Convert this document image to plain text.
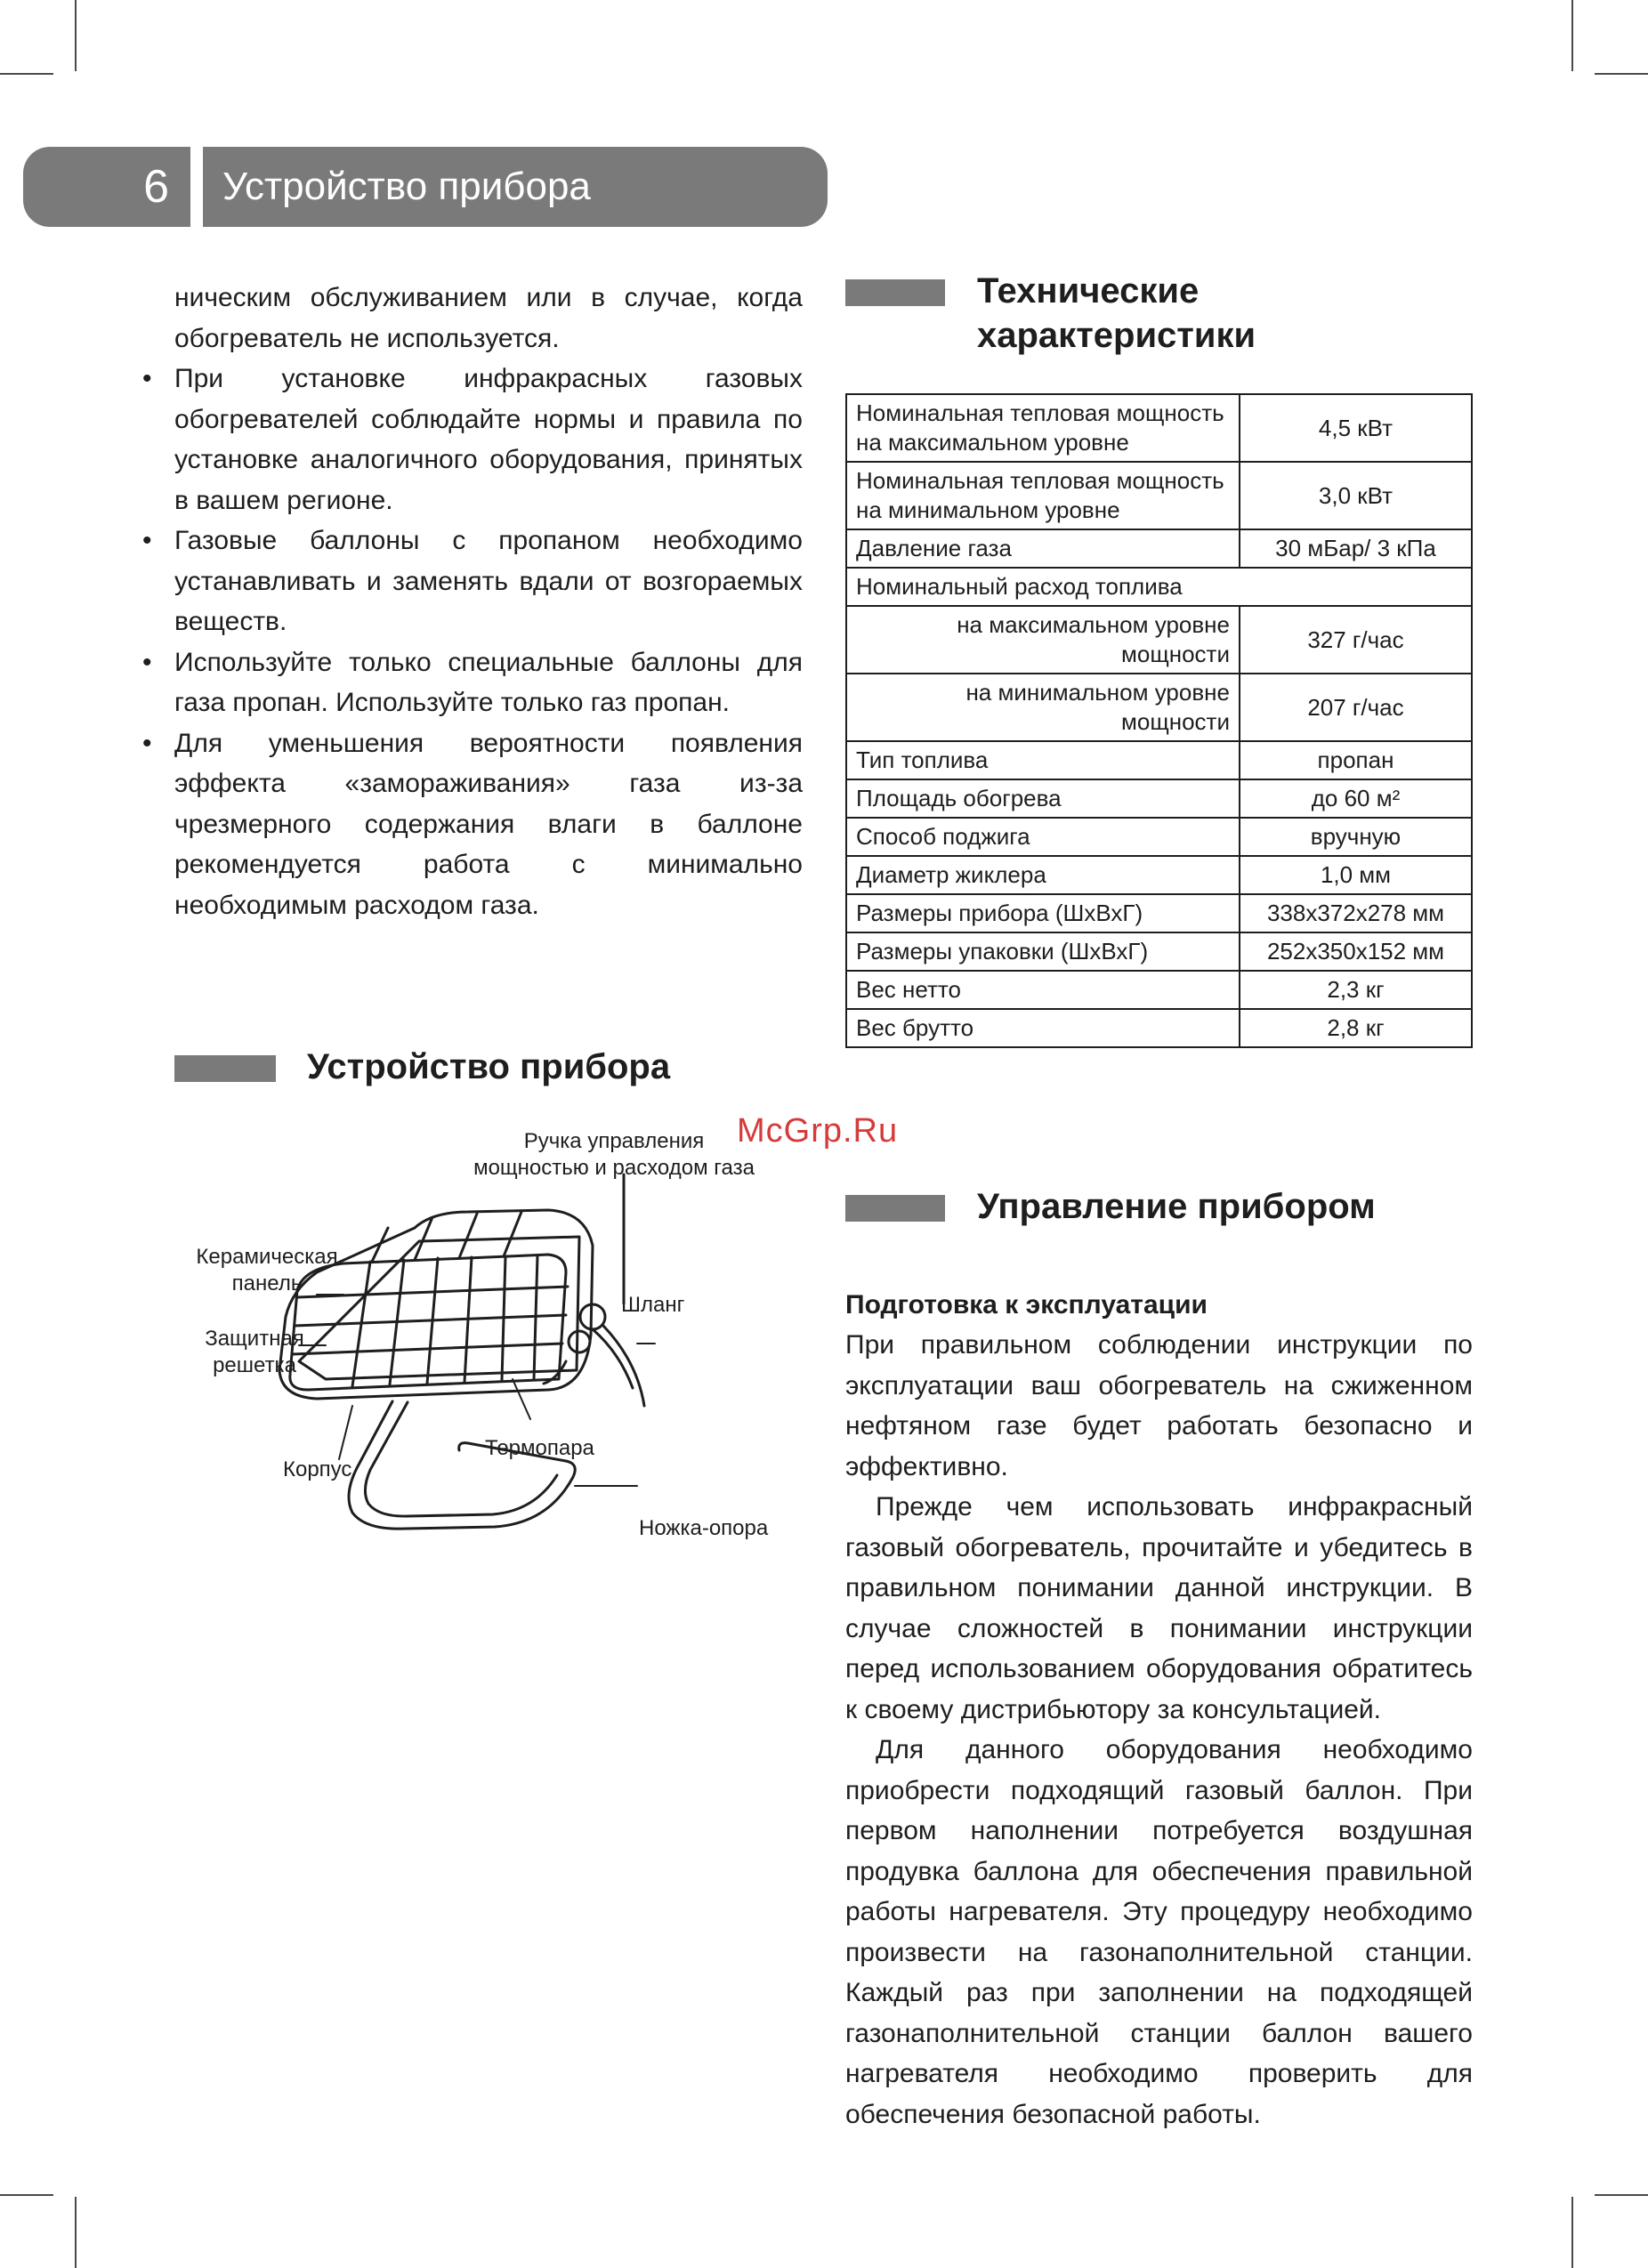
6	Устройство прибора

ническим обслуживанием или в случае, когда обогреватель не используется.

• При установке инфракрасных газовых обогревателей соблюдайте нормы и правила по установке аналогичного оборудования, принятых в вашем регионе.
• Газовые баллоны с пропаном необходимо устанавливать и заменять вдали от возгораемых веществ.
• Используйте только специальные баллоны для газа пропан. Используйте только газ пропан.
• Для уменьшения вероятности появления эффекта «замораживания» газа из-за чрезмерного содержания влаги в баллоне рекомендуется работа с минимально необходимым расходом газа.
Устройство прибора
Ручка управления
мощностью и расходом газа
Керамическая
панель
Защитная
решетка
Шланг
Термопара
Корпус
Ножка-опора
Технические
характеристики
Номинальная тепловая мощность на максимальном уровне	4,5 кВт
Номинальная тепловая мощность на минимальном уровне	3,0 кВт
Давление газа	30 мБар/ 3 кПа
Номинальный расход топлива	
на максимальном уровне мощности	327 г/час
на минимальном уровне мощности	207 г/час
Тип топлива	пропан
Площадь обогрева	до 60 м²
Способ поджига	вручную
Диаметр жиклера	1,0 мм
Размеры прибора (ШхВхГ)	338х372х278 мм
Размеры упаковки (ШхВхГ)	252х350х152 мм
Вес нетто	2,3 кг
Вес брутто	2,8 кг
McGrp.Ru
Управление прибором

Подготовка к эксплуатации

При правильном соблюдении инструкции по эксплуатации ваш обогреватель на сжиженном нефтяном газе будет работать безопасно и эффективно.

Прежде чем использовать инфракрасный газовый обогреватель, прочитайте и убедитесь в правильном понимании данной инструкции. В случае сложностей в понимании инструкции перед использованием оборудования обратитесь к своему дистрибьютору за консультацией.

Для данного оборудования необходимо приобрести подходящий газовый баллон. При первом наполнении потребуется воздушная продувка баллона для обеспечения правильной работы нагревателя. Эту процедуру необходимо произвести на газонаполнительной станции. Каждый раз при заполнении на подходящей газонаполнительной станции баллон вашего нагревателя необходимо проверить для обеспечения безопасной работы.
